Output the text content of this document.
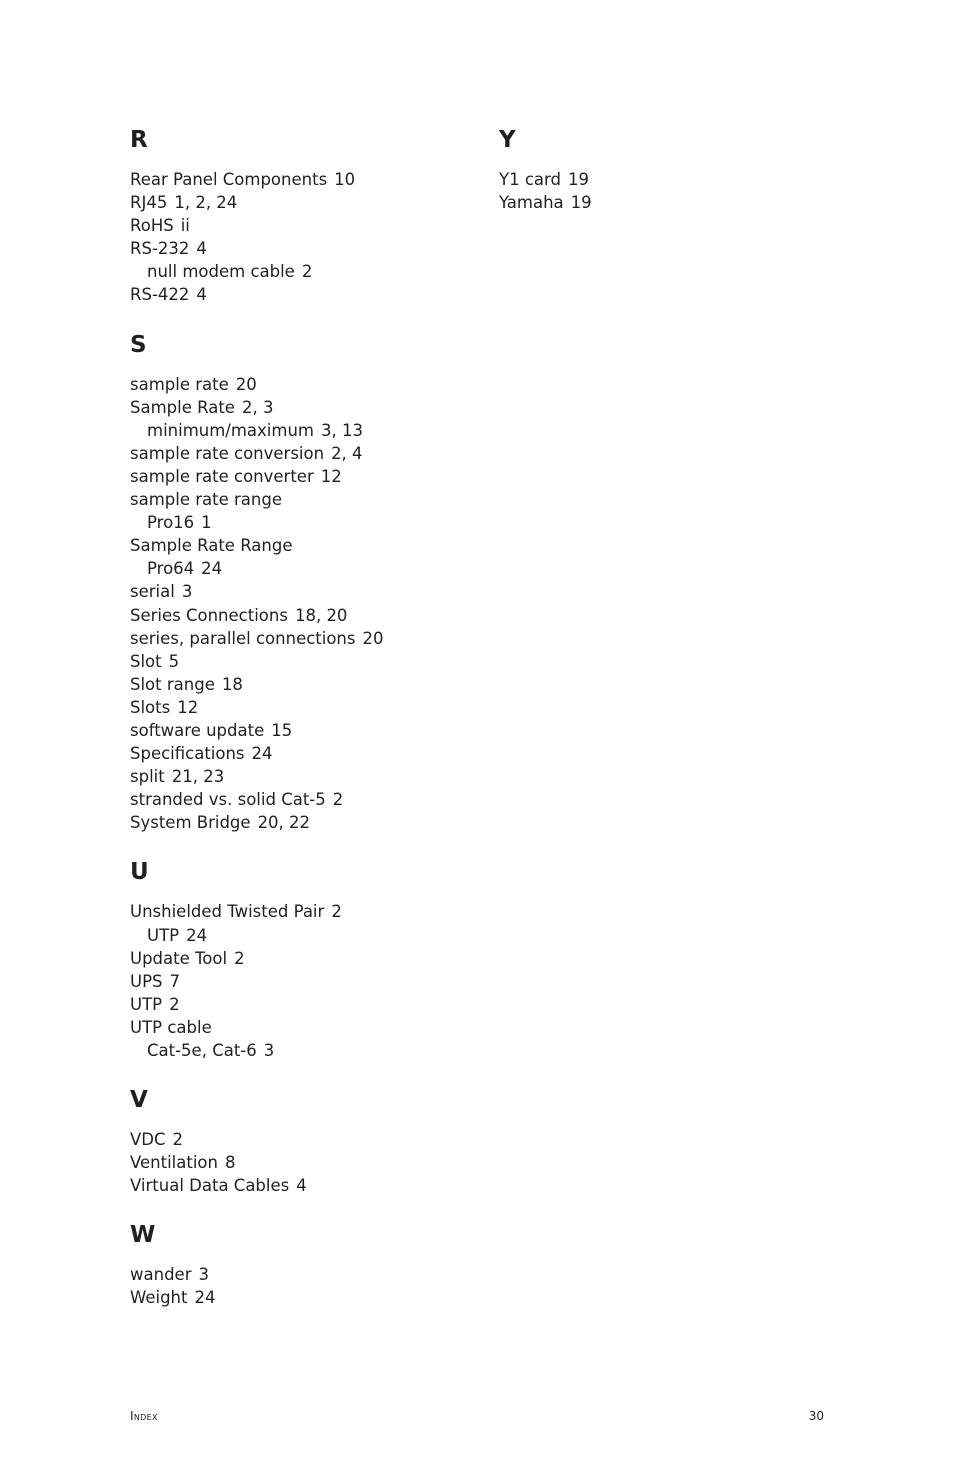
R
Rear Panel Components 10
RJ45 1, 2, 24
RoHS ii
RS-232 4
null modem cable 2
RS-422 4
S
sample rate 20
Sample Rate 2, 3
minimum/maximum 3, 13
sample rate conversion 2, 4
sample rate converter 12
sample rate range
Pro16 1
Sample Rate Range
Pro64 24
serial 3
Series Connections 18, 20
series, parallel connections 20
Slot 5
Slot range 18
Slots 12
software update 15
Specifications 24
split 21, 23
stranded vs. solid Cat-5 2
System Bridge 20, 22
U
Unshielded Twisted Pair 2
UTP 24
Update Tool 2
UPS 7
UTP 2
UTP cable
Cat-5e, Cat-6 3
V
VDC 2
Ventilation 8
Virtual Data Cables 4
W
wander 3
Weight 24
Y
Y1 card 19
Yamaha 19
Index	30
